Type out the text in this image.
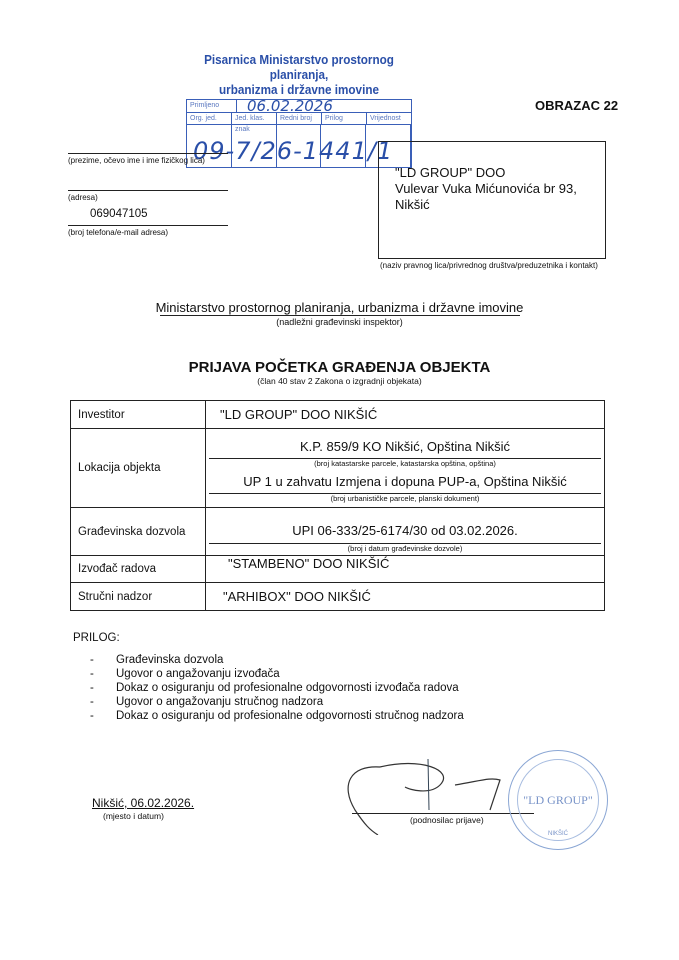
Pisarnica Ministarstvo prostornog planiranja,
urbanizma i državne imovine
Primljeno	06.02.2026
Org. jed.	Jed. klas. znak
Redni broj	Prilog	Vrijednost
09-7/26-1441/1
OBRAZAC 22
(prezime, očevo ime i ime fizičkog lica)
(adresa)
069047105
(broj telefona/e-mail adresa)
"LD GROUP" DOO
Vulevar Vuka Mićunovića br 93,
Nikšić
(naziv pravnog lica/privrednog društva/preduzetnika i kontakt)
Ministarstvo prostornog planiranja, urbanizma i državne imovine
(nadležni građevinski inspektor)
PRIJAVA POČETKA GRAĐENJA OBJEKTA
(član 40 stav 2 Zakona o izgradnji objekata)
Investitor	"LD GROUP" DOO NIKŠIĆ
Lokacija objekta	K.P. 859/9 KO Nikšić, Opština Nikšić
(broj katastarske parcele, katastarska opština, opština)
UP 1 u zahvatu Izmjena i dopuna PUP-a, Opština Nikšić
(broj urbanističke parcele, planski dokument)

Građevinska dozvola	UPI 06-333/25-6174/30 od 03.02.2026.
(broj i datum građevinske dozvole)

Izvođač radova	"STAMBENO" DOO NIKŠIĆ
Stručni nadzor	"ARHIBOX" DOO NIKŠIĆ
PRILOG:
-	Građevinska dozvola
-	Ugovor o angažovanju izvođača
-	Dokaz o osiguranju od profesionalne odgovornosti izvođača radova
-	Ugovor o angažovanju stručnog nadzora
-	Dokaz o osiguranju od profesionalne odgovornosti stručnog nadzora
Nikšić, 06.02.2026.
(mjesto i datum)	(podnosilac prijave)
"LD GROUP"
NIKŠIĆ
